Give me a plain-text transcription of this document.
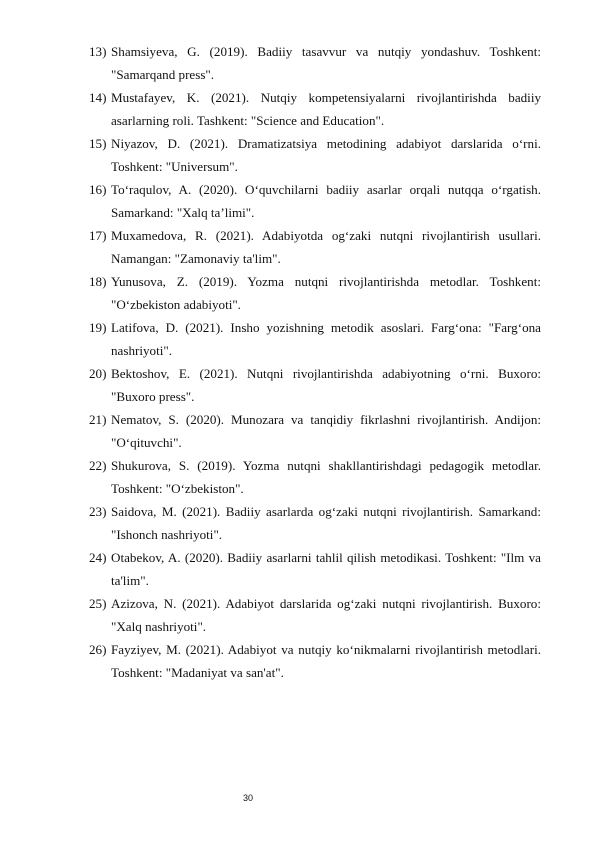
13) Shamsiyeva, G. (2019). Badiiy tasavvur va nutqiy yondashuv. Toshkent: "Samarqand press".
14) Mustafayev, K. (2021). Nutqiy kompetensiyalarni rivojlantirishda badiiy asarlarning roli. Tashkent: "Science and Education".
15) Niyazov, D. (2021). Dramatizatsiya metodining adabiyot darslarida o‘rni. Toshkent: "Universum".
16) To‘raqulov, A. (2020). O‘quvchilarni badiiy asarlar orqali nutqqa o‘rgatish. Samarkand: "Xalq ta’limi".
17) Muxamedova, R. (2021). Adabiyotda og‘zaki nutqni rivojlantirish usullari. Namangan: "Zamonaviy ta'lim".
18) Yunusova, Z. (2019). Yozma nutqni rivojlantirishda metodlar. Toshkent: "O‘zbekiston adabiyoti".
19) Latifova, D. (2021). Insho yozishning metodik asoslari. Farg‘ona: "Farg‘ona nashriyoti".
20) Bektoshov, E. (2021). Nutqni rivojlantirishda adabiyotning o‘rni. Buxoro: "Buxoro press".
21) Nematov, S. (2020). Munozara va tanqidiy fikrlashni rivojlantirish. Andijon: "O‘qituvchi".
22) Shukurova, S. (2019). Yozma nutqni shakllantirishdagi pedagogik metodlar. Toshkent: "O‘zbekiston".
23) Saidova, M. (2021). Badiiy asarlarda og‘zaki nutqni rivojlantirish. Samarkand: "Ishonch nashriyoti".
24) Otabekov, A. (2020). Badiiy asarlarni tahlil qilish metodikasi. Toshkent: "Ilm va ta'lim".
25) Azizova, N. (2021). Adabiyot darslarida og‘zaki nutqni rivojlantirish. Buxoro: "Xalq nashriyoti".
26) Fayziyev, M. (2021). Adabiyot va nutqiy ko‘nikmalarni rivojlantirish metodlari. Toshkent: "Madaniyat va san'at".
30
